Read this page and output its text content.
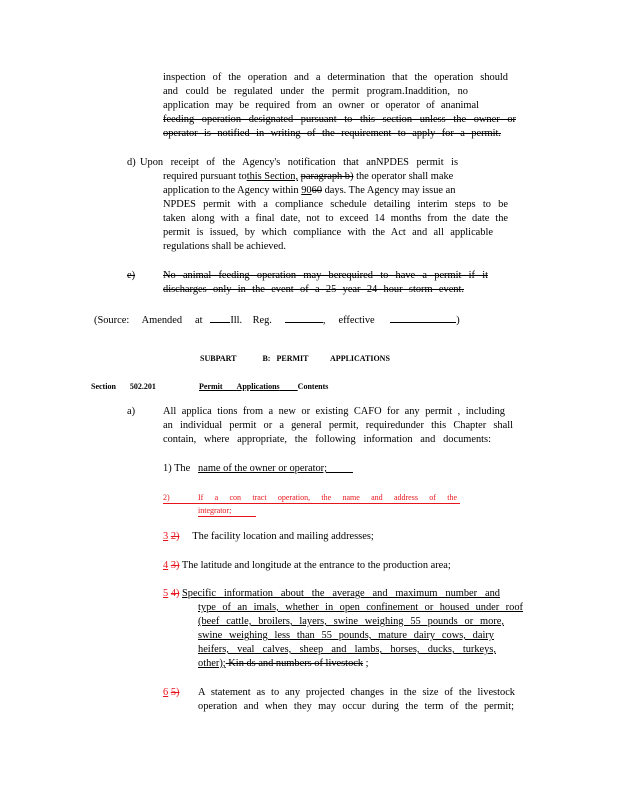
inspection of the operation and a determination that the operation should
and could be regulated under the permit program.Inaddition, no
application may be required from an owner or operator of ananimal
feeding operation designated pursuant to this section unless the owner or
operator is notified in writing of the requirement to apply for a permit.
d) Upon receipt of the Agency's notification that anNPDES permit is
required pursuant tothis Section, paragraph b) the operator shall make
application to the Agency within 9060 days. The Agency may issue an
NPDES permit with a compliance schedule detailing interim steps to be
taken along with a final date, not to exceed 14 months from the date the
permit is issued, by which compliance with the Act and all applicable
regulations shall be achieved.
e)	No animal feeding operation may berequired to have a permit if it
discharges only in the event of a 25 year 24 hour storm event.
(Source: Amended at	Ill. Reg.	, effective	)
SUBPART	B: PERMIT	APPLICATIONS
Section 502.201	Permit Applications Contents
a)	All applica tions from a new or existing CAFO for any permit , including
an individual permit or a general permit, requiredunder this Chapter shall
contain, where appropriate, the following information and documents:
1) The name of the owner or operator;
2)	If a con tract operation, the name and address of the
integrator;
3 2) The facility location and mailing addresses;
4 3) The latitude and longitude at the entrance to the production area;
5 4) Specific information about the average and maximum number and
type of an imals, whether in open confinement or housed under roof
(beef cattle, broilers, layers, swine weighing 55 pounds or more,
swine weighing less than 55 pounds, mature dairy cows, dairy
heifers, veal calves, sheep and lambs, horses, ducks, turkeys,
other); Kin ds and numbers of livestock ;
6 5) A statement as to any projected changes in the size of the livestock
operation and when they may occur during the term of the permit;
